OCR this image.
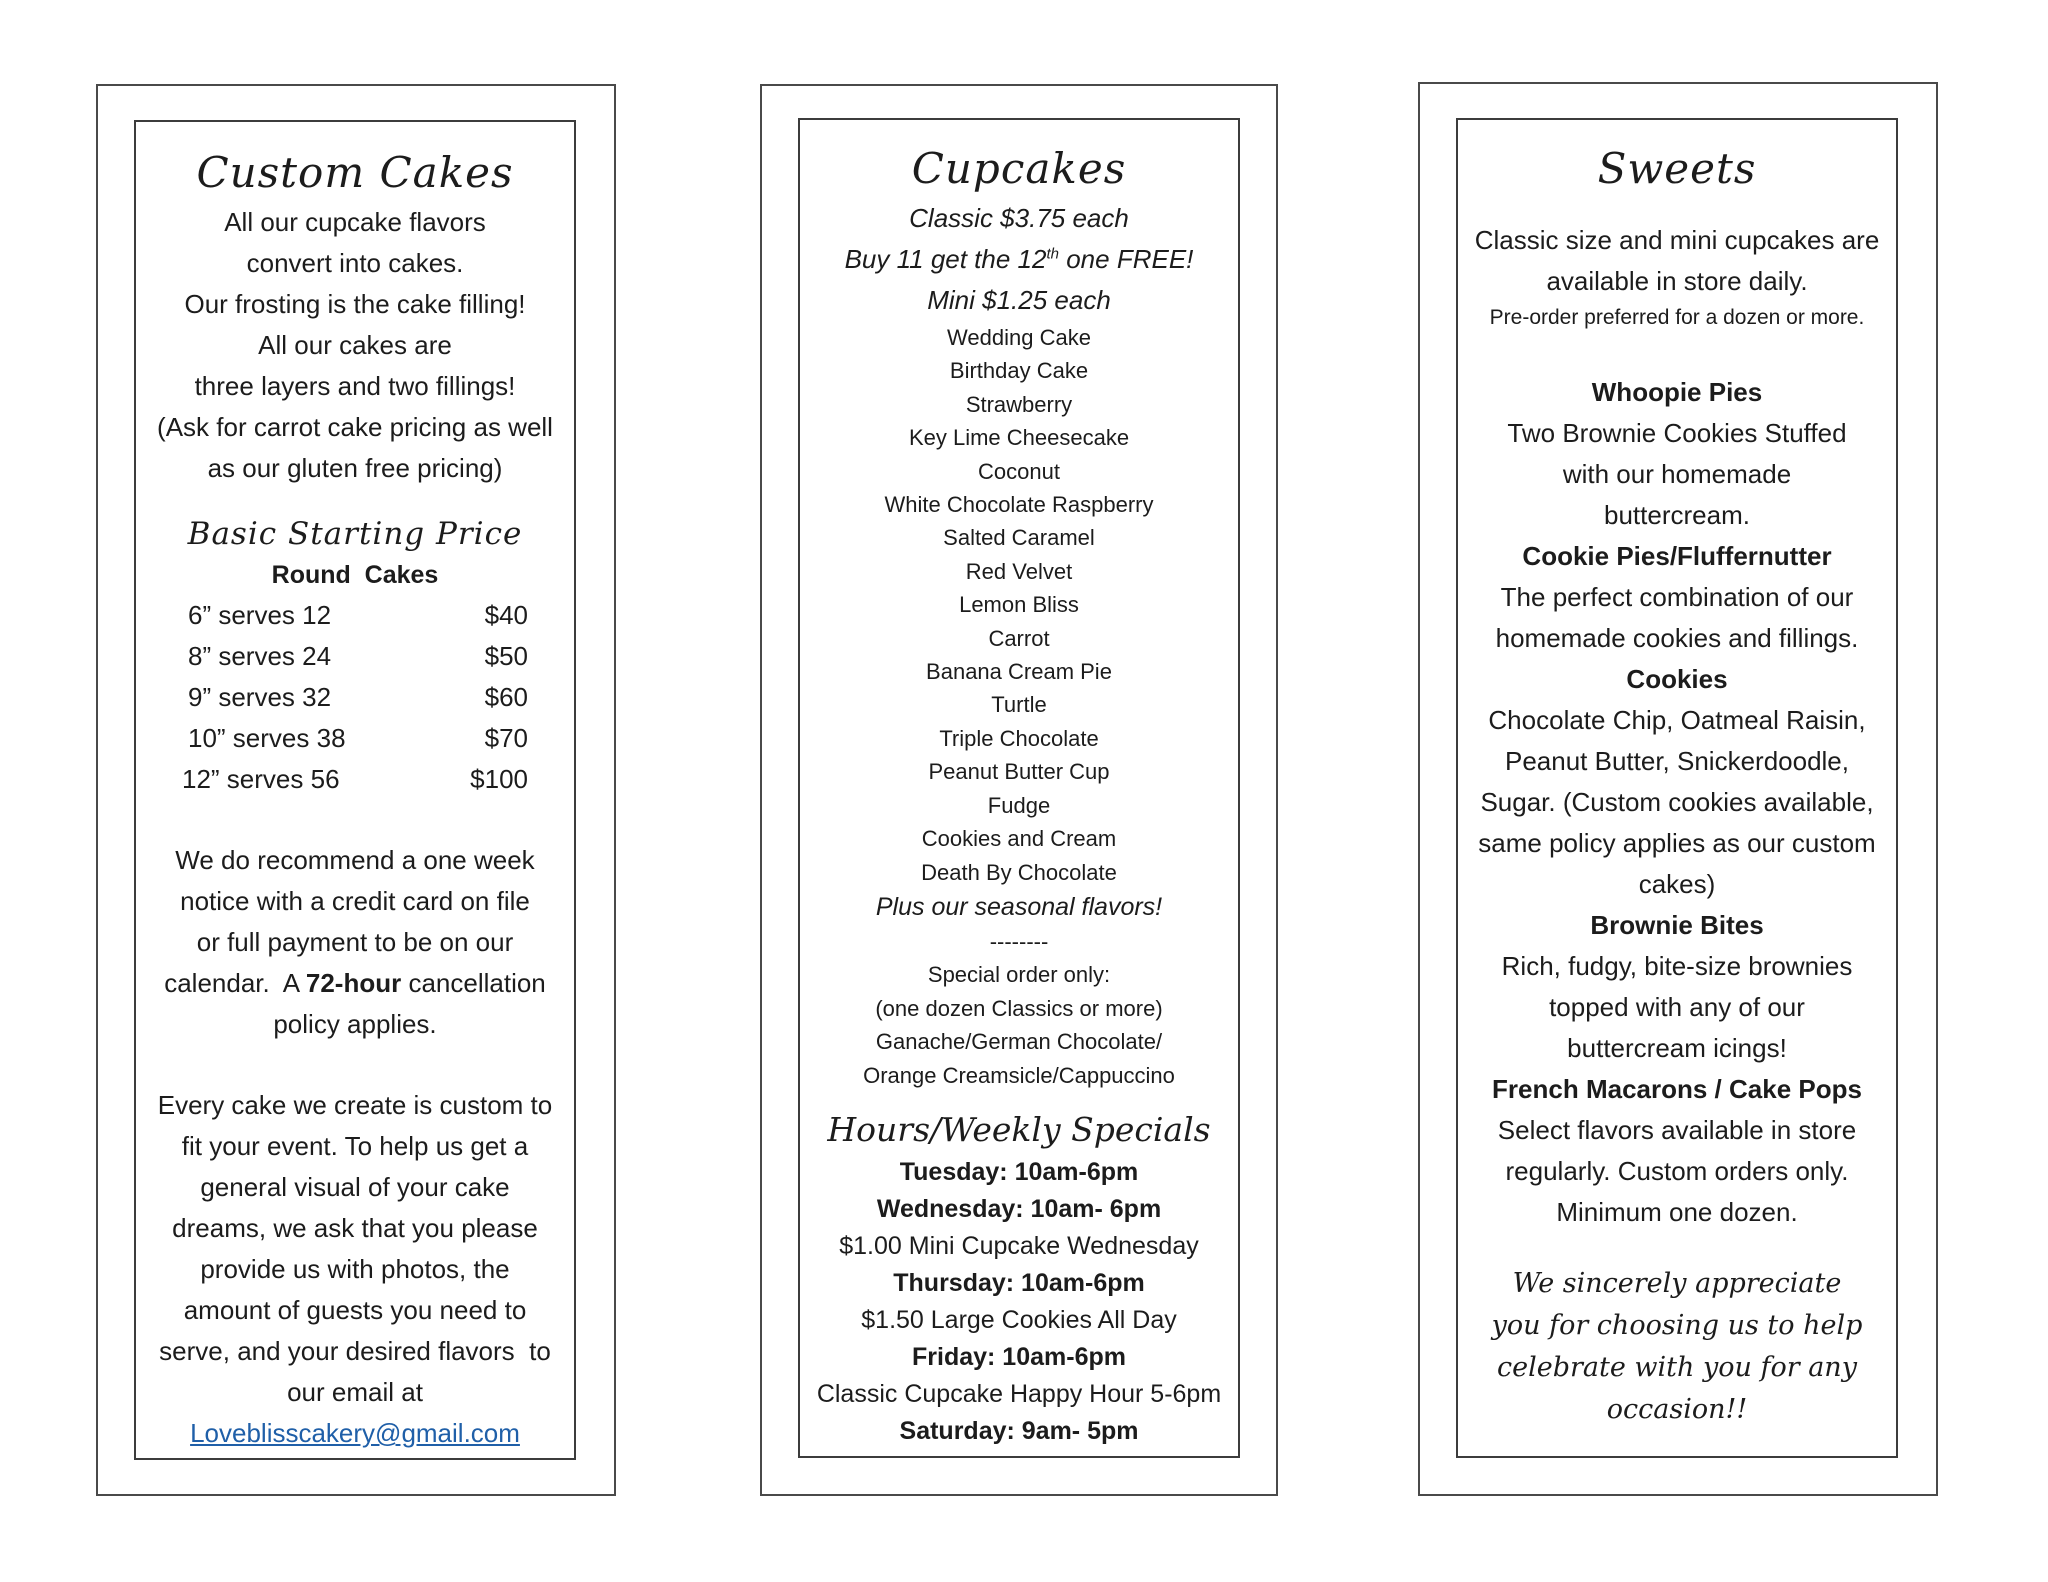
Custom Cakes
All our cupcake flavors
convert into cakes.
Our frosting is the cake filling!
All our cakes are
three layers and two fillings!
(Ask for carrot cake pricing as well
as our gluten free pricing)
Basic Starting Price
Round  Cakes
6” serves 12	$40
8” serves 24	$50
9” serves 32	$60
10” serves 38	$70
12” serves 56	$100
We do recommend a one week
notice with a credit card on file
or full payment to be on our
calendar.  A 72-hour cancellation
policy applies.
Every cake we create is custom to
fit your event. To help us get a
general visual of your cake
dreams, we ask that you please
provide us with photos, the
amount of guests you need to
serve, and your desired flavors  to
our email at
Loveblisscakery@gmail.com
Cupcakes
Classic $3.75 each
Buy 11 get the 12th one FREE!
Mini $1.25 each
Wedding Cake
Birthday Cake
Strawberry
Key Lime Cheesecake
Coconut
White Chocolate Raspberry
Salted Caramel
Red Velvet
Lemon Bliss
Carrot
Banana Cream Pie
Turtle
Triple Chocolate
Peanut Butter Cup
Fudge
Cookies and Cream
Death By Chocolate
Plus our seasonal flavors!
--------
Special order only:
(one dozen Classics or more)
Ganache/German Chocolate/
Orange Creamsicle/Cappuccino
Hours/Weekly Specials
Tuesday: 10am-6pm
Wednesday: 10am- 6pm
$1.00 Mini Cupcake Wednesday
Thursday: 10am-6pm
$1.50 Large Cookies All Day
Friday: 10am-6pm
Classic Cupcake Happy Hour 5-6pm
Saturday: 9am- 5pm
Sweets
Classic size and mini cupcakes are
available in store daily.
Pre-order preferred for a dozen or more.
Whoopie Pies
Two Brownie Cookies Stuffed
with our homemade
buttercream.
Cookie Pies/Fluffernutter
The perfect combination of our
homemade cookies and fillings.
Cookies
Chocolate Chip, Oatmeal Raisin,
Peanut Butter, Snickerdoodle,
Sugar. (Custom cookies available,
same policy applies as our custom
cakes)
Brownie Bites
Rich, fudgy, bite-size brownies
topped with any of our
buttercream icings!
French Macarons / Cake Pops
Select flavors available in store
regularly. Custom orders only.
Minimum one dozen.
We sincerely appreciate
you for choosing us to help
celebrate with you for any
occasion!!
